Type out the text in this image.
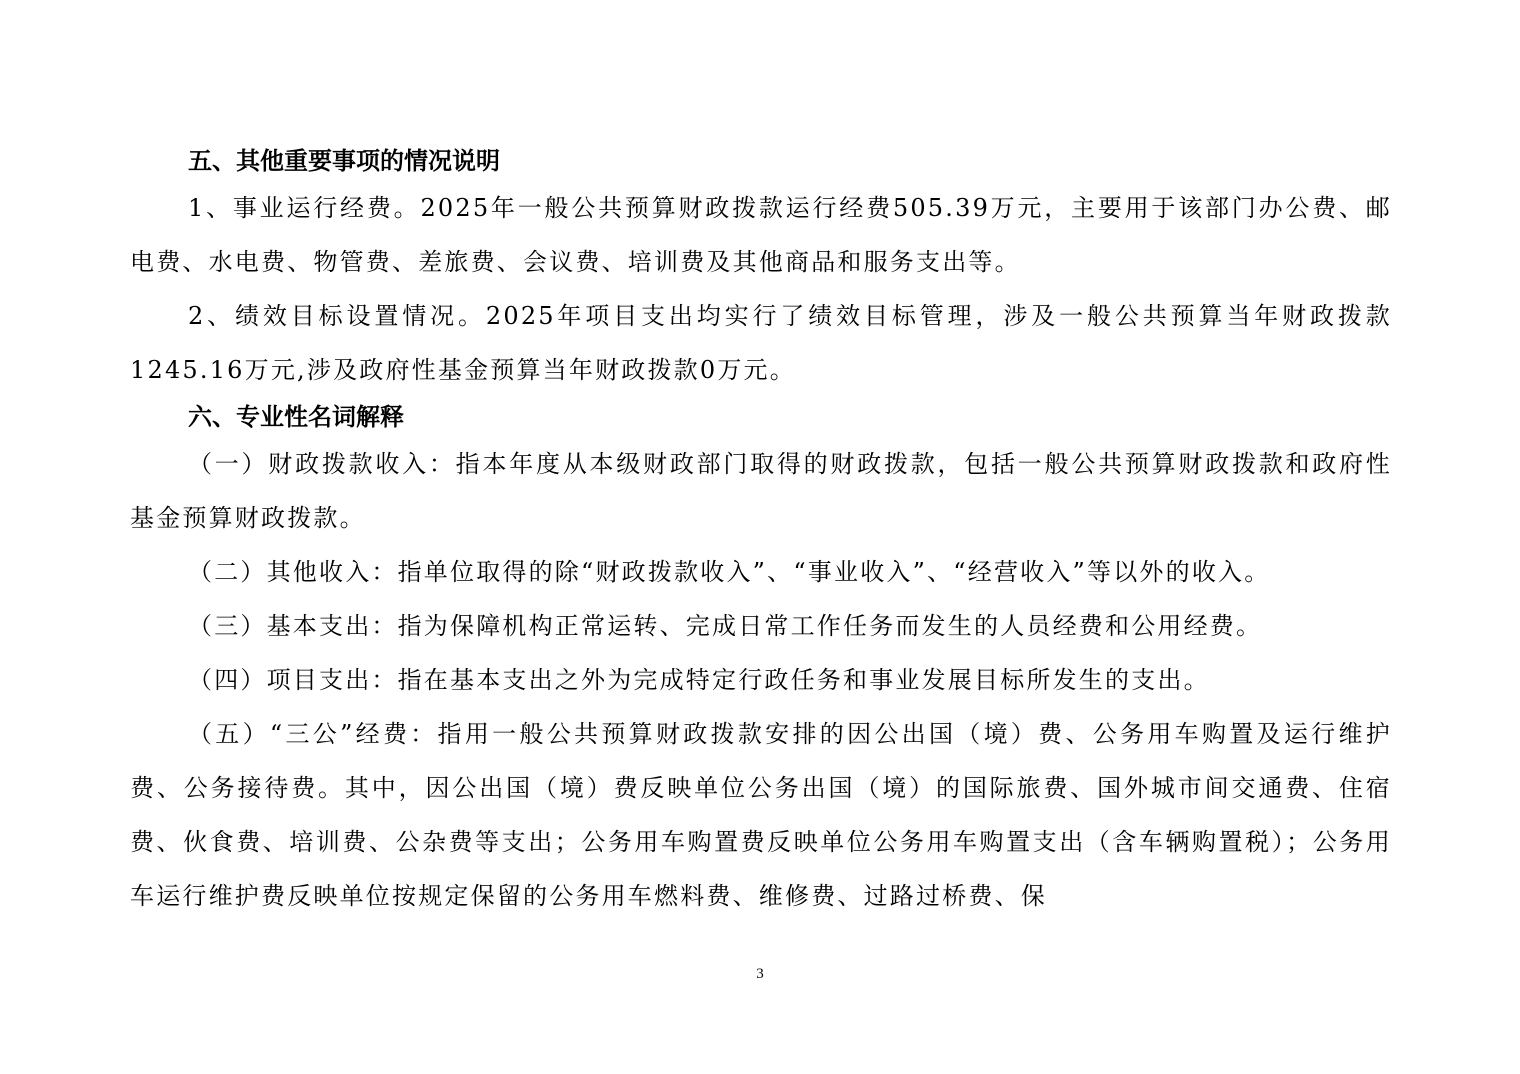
五、其他重要事项的情况说明

1、事业运行经费。2025年一般公共预算财政拨款运行经费505.39万元，主要用于该部门办公费、邮电费、水电费、物管费、差旅费、会议费、培训费及其他商品和服务支出等。

2、绩效目标设置情况。2025年项目支出均实行了绩效目标管理，涉及一般公共预算当年财政拨款1245.16万元,涉及政府性基金预算当年财政拨款0万元。

六、专业性名词解释

（一）财政拨款收入：指本年度从本级财政部门取得的财政拨款，包括一般公共预算财政拨款和政府性基金预算财政拨款。

（二）其他收入：指单位取得的除“财政拨款收入”、“事业收入”、“经营收入”等以外的收入。

（三）基本支出：指为保障机构正常运转、完成日常工作任务而发生的人员经费和公用经费。

（四）项目支出：指在基本支出之外为完成特定行政任务和事业发展目标所发生的支出。

（五）“三公”经费：指用一般公共预算财政拨款安排的因公出国（境）费、公务用车购置及运行维护费、公务接待费。其中，因公出国（境）费反映单位公务出国（境）的国际旅费、国外城市间交通费、住宿费、伙食费、培训费、公杂费等支出；公务用车购置费反映单位公务用车购置支出（含车辆购置税）；公务用车运行维护费反映单位按规定保留的公务用车燃料费、维修费、过路过桥费、保

3
